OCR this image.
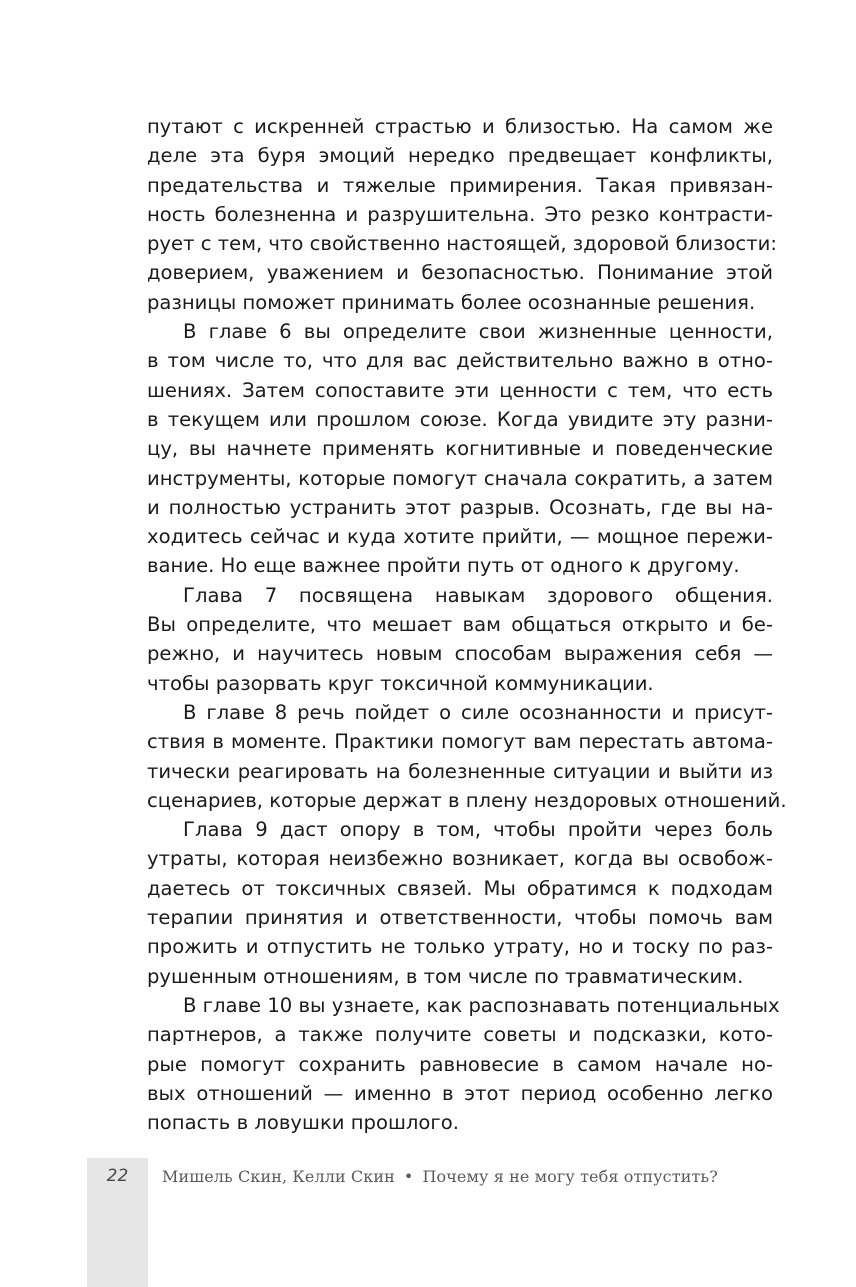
путают с искренней страстью и близостью. На самом же
деле эта буря эмоций нередко предвещает конфликты,
предательства и тяжелые примирения. Такая привязан-
ность болезненна и разрушительна. Это резко контрасти-
рует с тем, что свойственно настоящей, здоровой близости:
доверием, уважением и безопасностью. Понимание этой
разницы поможет принимать более осознанные решения.
В главе 6 вы определите свои жизненные ценности,
в том числе то, что для вас действительно важно в отно-
шениях. Затем сопоставите эти ценности с тем, что есть
в текущем или прошлом союзе. Когда увидите эту разни-
цу, вы начнете применять когнитивные и поведенческие
инструменты, которые помогут сначала сократить, а затем
и полностью устранить этот разрыв. Осознать, где вы на-
ходитесь сейчас и куда хотите прийти, — мощное пережи-
вание. Но еще важнее пройти путь от одного к другому.
Глава 7 посвящена навыкам здорового общения.
Вы определите, что мешает вам общаться открыто и бе-
режно, и научитесь новым способам выражения себя —
чтобы разорвать круг токсичной коммуникации.
В главе 8 речь пойдет о силе осознанности и присут-
ствия в моменте. Практики помогут вам перестать автома-
тически реагировать на болезненные ситуации и выйти из
сценариев, которые держат в плену нездоровых отношений.
Глава 9 даст опору в том, чтобы пройти через боль
утраты, которая неизбежно возникает, когда вы освобож-
даетесь от токсичных связей. Мы обратимся к подходам
терапии принятия и ответственности, чтобы помочь вам
прожить и отпустить не только утрату, но и тоску по раз-
рушенным отношениям, в том числе по травматическим.
В главе 10 вы узнаете, как распознавать потенциальных
партнеров, а также получите советы и подсказки, кото-
рые помогут сохранить равновесие в самом начале но-
вых отношений — именно в этот период особенно легко
попасть в ловушки прошлого.
22	Мишель Скин, Келли Скин • Почему я не могу тебя отпустить?
